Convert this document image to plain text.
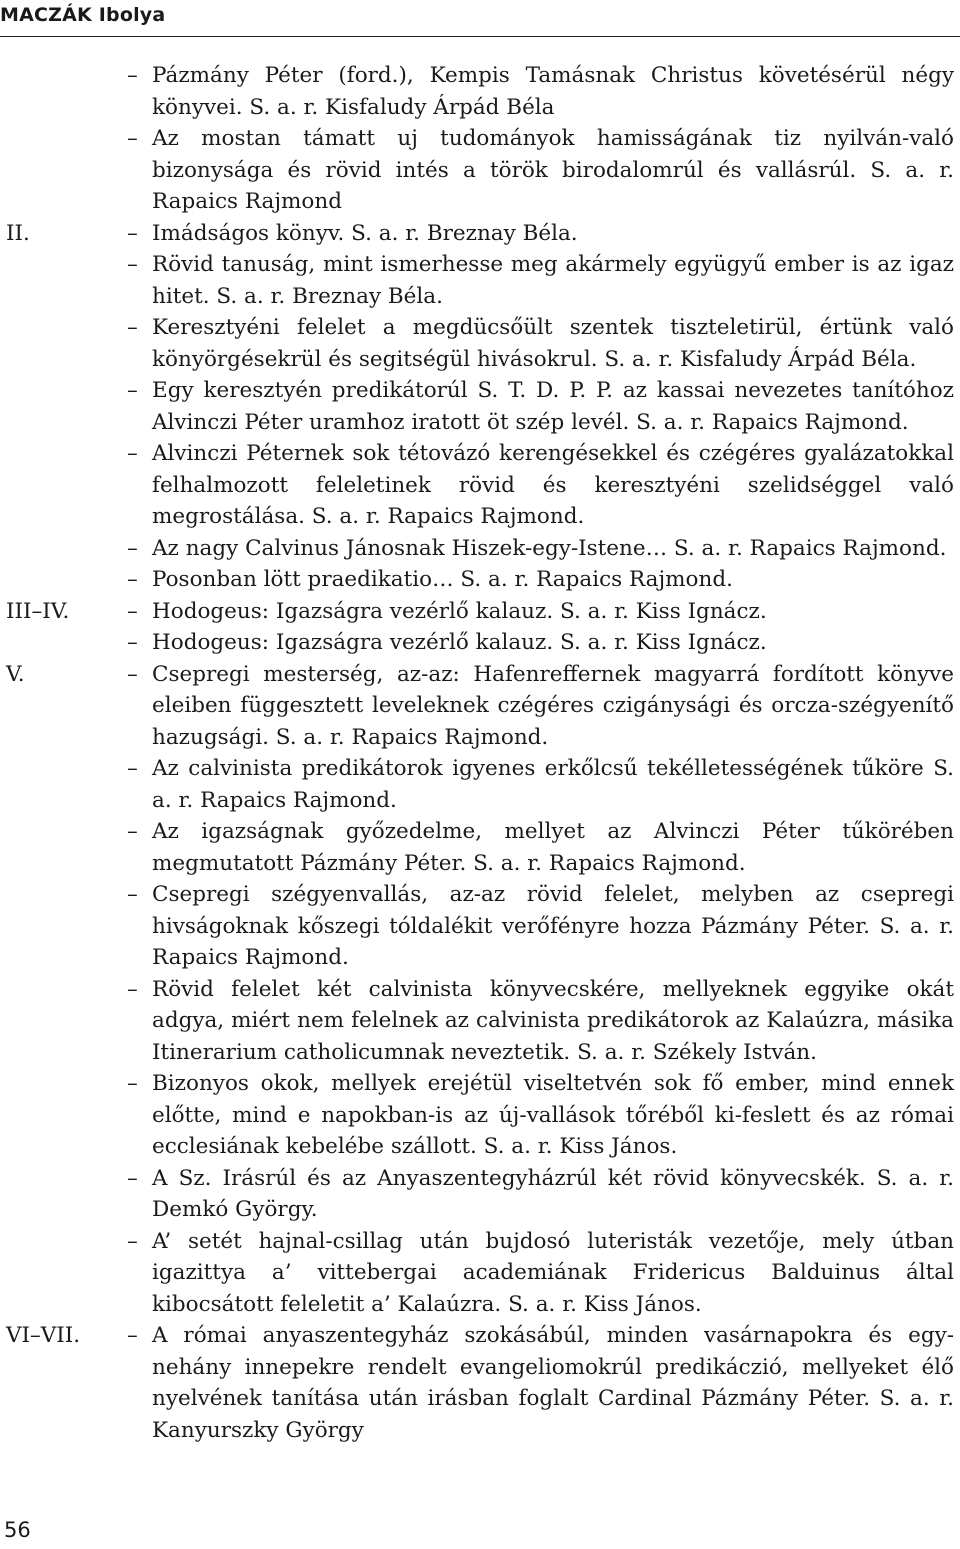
MACZÁK Ibolya
– Pázmány Péter (ford.), Kempis Tamásnak Christus követésérül négy könyvei. S. a. r. Kisfaludy Árpád Béla
– Az mostan támatt uj tudományok hamisságának tiz nyilván-való bizonysága és rövid intés a török birodalomrúl és vallásrúl. S. a. r. Rapaics Rajmond
II.	– Imádságos könyv. S. a. r. Breznay Béla.
– Rövid tanuság, mint ismerhesse meg akármely együgyű ember is az igaz hitet. S. a. r. Breznay Béla.
– Keresztyéni felelet a megdücsőült szentek tiszteletirül, értünk való könyörgésekrül és segitségül hivásokrul. S. a. r. Kisfaludy Árpád Béla.
– Egy keresztyén predikátorúl S. T. D. P. P. az kassai nevezetes tanítóhoz Alvinczi Péter uramhoz iratott öt szép levél. S. a. r. Rapaics Rajmond.
– Alvinczi Péternek sok tétovázó kerengésekkel és czégéres gyalázatokkal felhalmozott feleletinek rövid és keresztyéni szelidséggel való megrostálása. S. a. r. Rapaics Rajmond.
– Az nagy Calvinus Jánosnak Hiszek-egy-Istene… S. a. r. Rapaics Rajmond.
– Posonban lött praedikatio… S. a. r. Rapaics Rajmond.
III–IV.	– Hodogeus: Igazságra vezérlő kalauz. S. a. r. Kiss Ignácz.
– Hodogeus: Igazságra vezérlő kalauz. S. a. r. Kiss Ignácz.
V.	– Csepregi mesterség, az-az: Hafenreffernek magyarrá fordított könyve eleiben függesztett leveleknek czégéres czigánysági és orcza-szégyenítő hazugsági. S. a. r. Rapaics Rajmond.
– Az calvinista predikátorok igyenes erkőlcsű tekélletességének tűköre S. a. r. Rapaics Rajmond.
– Az igazságnak győzedelme, mellyet az Alvinczi Péter tűkörében megmutatott Pázmány Péter. S. a. r. Rapaics Rajmond.
– Csepregi szégyenvallás, az-az rövid felelet, melyben az csepregi hivságoknak kőszegi tóldalékit verőfényre hozza Pázmány Péter. S. a. r. Rapaics Rajmond.
– Rövid felelet két calvinista könyvecskére, mellyeknek eggyike okát adgya, miért nem felelnek az calvinista predikátorok az Kalaúzra, másika Itinerarium catholicumnak neveztetik. S. a. r. Székely István.
– Bizonyos okok, mellyek erejétül viseltetvén sok fő ember, mind ennek előtte, mind e napokban-is az új-vallások tőréből ki-feslett és az római ecclesiának kebelébe szállott. S. a. r. Kiss János.
– A Sz. Irásrúl és az Anyaszentegyházrúl két rövid könyvecskék. S. a. r. Demkó György.
– A’ setét hajnal-csillag után bujdosó luteristák vezetője, mely útban igazittya a’ vittebergai academiának Fridericus Balduinus által kibocsátott feleletit a’ Kalaúzra. S. a. r. Kiss János.
VI–VII. – A római anyaszentegyház szokásábúl, minden vasárnapokra és egy-nehány innepekre rendelt evangeliomokrúl predikáczió, mellyeket élő nyelvének tanítása után irásban foglalt Cardinal Pázmány Péter. S. a. r. Kanyurszky György
56
